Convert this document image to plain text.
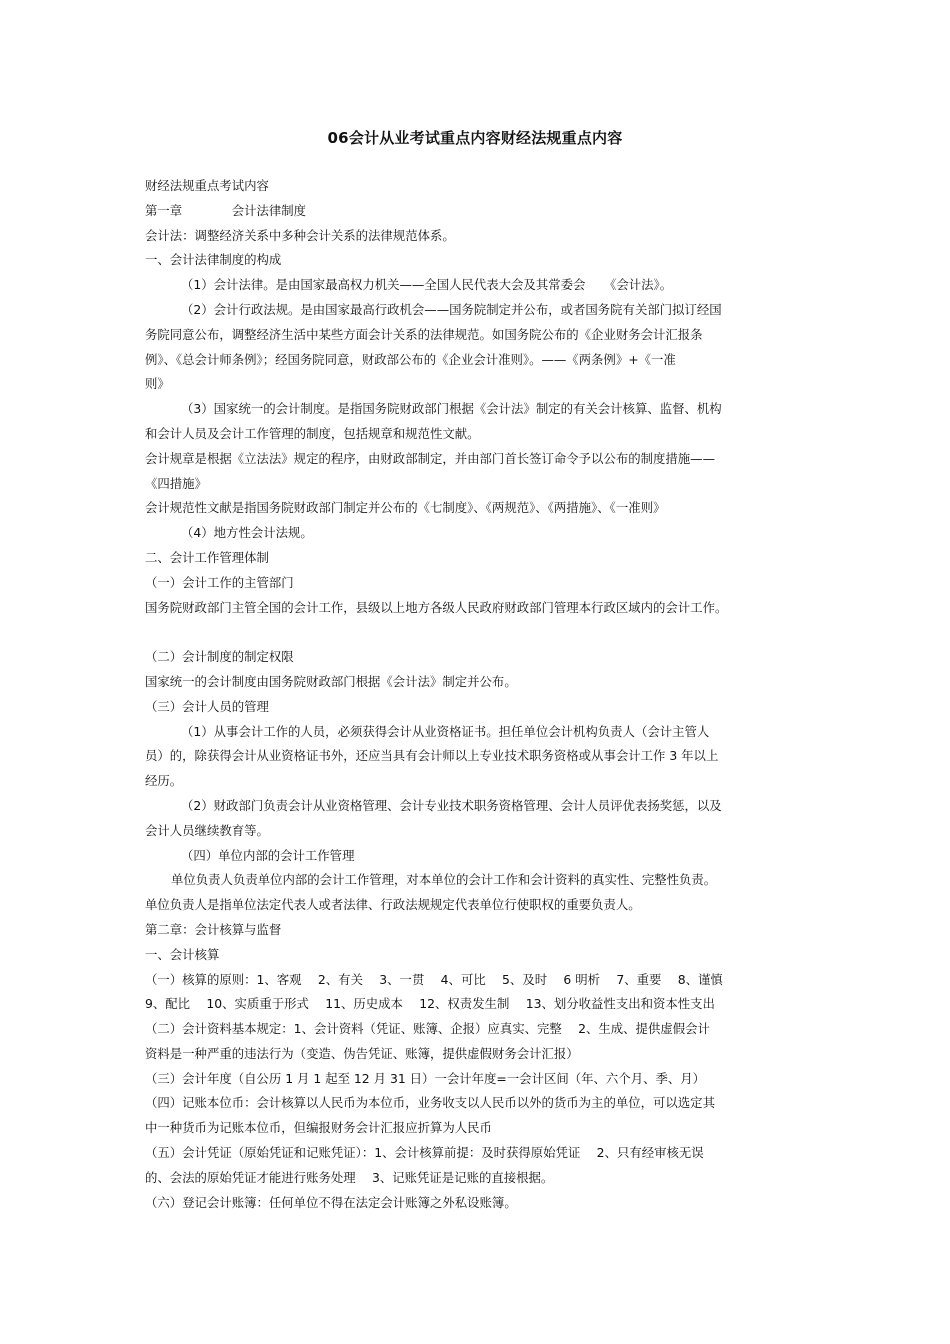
06会计从业考试重点内容财经法规重点内容

财经法规重点考试内容

第一章　　　　会计法律制度

会计法：调整经济关系中多种会计关系的法律规范体系。

一、会计法律制度的构成

（1）会计法律。是由国家最高权力机关——全国人民代表大会及其常委会　　《会计法》。

（2）会计行政法规。是由国家最高行政机会——国务院制定并公布，或者国务院有关部门拟订经国

务院同意公布，调整经济生活中某些方面会计关系的法律规范。如国务院公布的《企业财务会计汇报条

例》、《总会计师条例》；经国务院同意，财政部公布的《企业会计准则》。——《两条例》+《一准

则》

（3）国家统一的会计制度。是指国务院财政部门根据《会计法》制定的有关会计核算、监督、机构

和会计人员及会计工作管理的制度，包括规章和规范性文献。

会计规章是根据《立法法》规定的程序，由财政部制定，并由部门首长签订命令予以公布的制度措施——

《四措施》

会计规范性文献是指国务院财政部门制定并公布的《七制度》、《两规范》、《两措施》、《一准则》

（4）地方性会计法规。

二、会计工作管理体制

（一）会计工作的主管部门

国务院财政部门主管全国的会计工作，县级以上地方各级人民政府财政部门管理本行政区域内的会计工作。

（二）会计制度的制定权限

国家统一的会计制度由国务院财政部门根据《会计法》制定并公布。

（三）会计人员的管理

（1）从事会计工作的人员，必须获得会计从业资格证书。担任单位会计机构负责人（会计主管人

员）的，除获得会计从业资格证书外，还应当具有会计师以上专业技术职务资格或从事会计工作 3 年以上

经历。

（2）财政部门负责会计从业资格管理、会计专业技术职务资格管理、会计人员评优表扬奖惩，以及

会计人员继续教育等。

（四）单位内部的会计工作管理

单位负责人负责单位内部的会计工作管理，对本单位的会计工作和会计资料的真实性、完整性负责。

单位负责人是指单位法定代表人或者法律、行政法规规定代表单位行使职权的重要负责人。

第二章：会计核算与监督

一、会计核算

（一）核算的原则：1、客观　 2、有关　 3、一贯　 4、可比　 5、及时　 6 明析　 7、重要　 8、谨慎

9、配比　 10、实质重于形式　 11、历史成本　 12、权责发生制　 13、划分收益性支出和资本性支出

（二）会计资料基本规定：1、会计资料（凭证、账簿、企报）应真实、完整　 2、生成、提供虚假会计

资料是一种严重的违法行为（变造、伪告凭证、账簿，提供虚假财务会计汇报）

（三）会计年度（自公历 1 月 1 起至 12 月 31 日）一会计年度=一会计区间（年、六个月、季、月）

（四）记账本位币：会计核算以人民币为本位币，业务收支以人民币以外的货币为主的单位，可以选定其

中一种货币为记账本位币，但编报财务会计汇报应折算为人民币

（五）会计凭证（原始凭证和记账凭证）：1、会计核算前提：及时获得原始凭证　 2、只有经审核无误

的、会法的原始凭证才能进行账务处理　 3、记账凭证是记账的直接根据。

（六）登记会计账簿：任何单位不得在法定会计账簿之外私设账簿。
